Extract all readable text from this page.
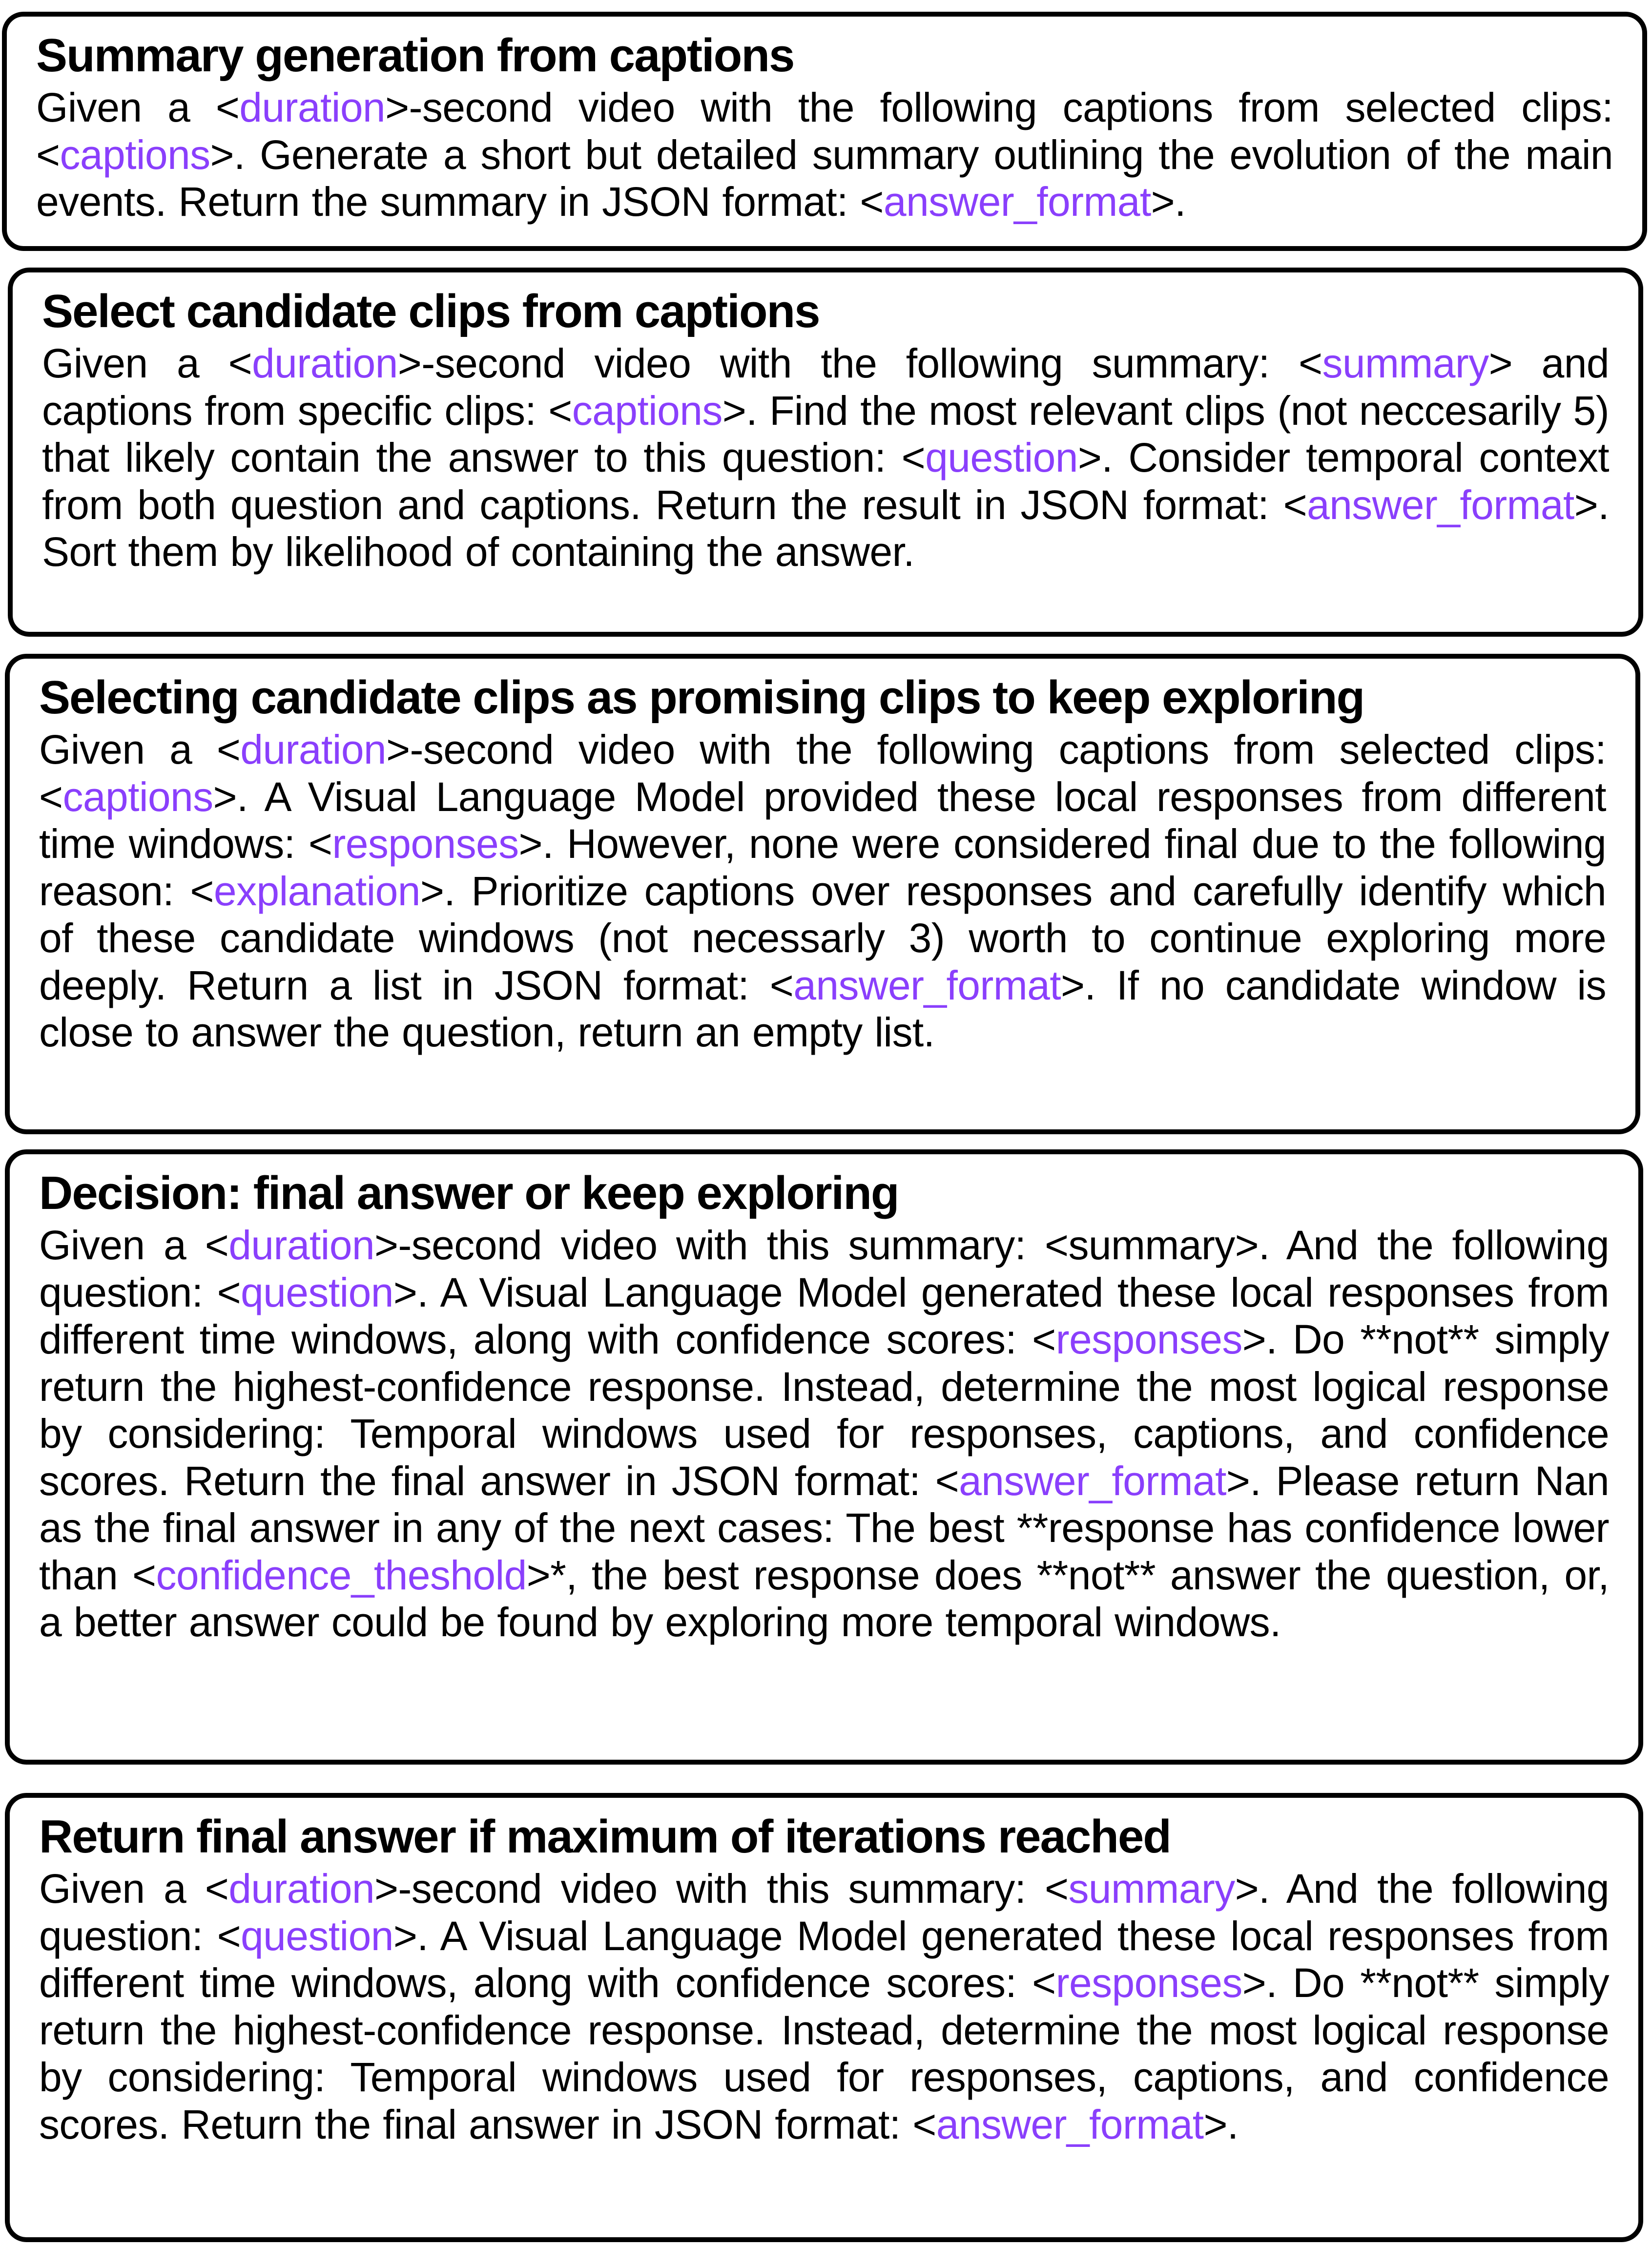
Summary generation from captions
Given a <duration>-second video with the following captions from selected clips: <captions>. Generate a short but detailed summary outlining the evolution of the main events. Return the summary in JSON format: <answer_format>.
Select candidate clips from captions
Given a <duration>-second video with the following summary: <summary> and captions from specific clips: <captions>. Find the most relevant clips (not neccesarily 5) that likely contain the answer to this question: <question>. Consider temporal context from both question and captions. Return the result in JSON format: <answer_format>. Sort them by likelihood of containing the answer.
Selecting candidate clips as promising clips to keep exploring
Given a <duration>-second video with the following captions from selected clips: <captions>. A Visual Language Model provided these local responses from different time windows: <responses>. However, none were considered final due to the following reason: <explanation>. Prioritize captions over responses and carefully identify which of these candidate windows (not necessarly 3) worth to continue exploring more deeply. Return a list in JSON format: <answer_format>. If no candidate window is close to answer the question, return an empty list.
Decision: final answer or keep exploring
Given a <duration>-second video with this summary: <summary>. And the following question: <question>. A Visual Language Model generated these local responses from different time windows, along with confidence scores: <responses>. Do **not** simply return the highest-confidence response. Instead, determine the most logical response by considering: Temporal windows used for responses, captions, and confidence scores. Return the final answer in JSON format: <answer_format>. Please return Nan as the final answer in any of the next cases: The best **response has confidence lower than <confidence_theshold>*, the best response does **not** answer the question, or, a better answer could be found by exploring more temporal windows.
Return final answer if maximum of iterations reached
Given a <duration>-second video with this summary: <summary>. And the following question: <question>. A Visual Language Model generated these local responses from different time windows, along with confidence scores: <responses>. Do **not** simply return the highest-confidence response. Instead, determine the most logical response by considering: Temporal windows used for responses, captions, and confidence scores. Return the final answer in JSON format: <answer_format>.
